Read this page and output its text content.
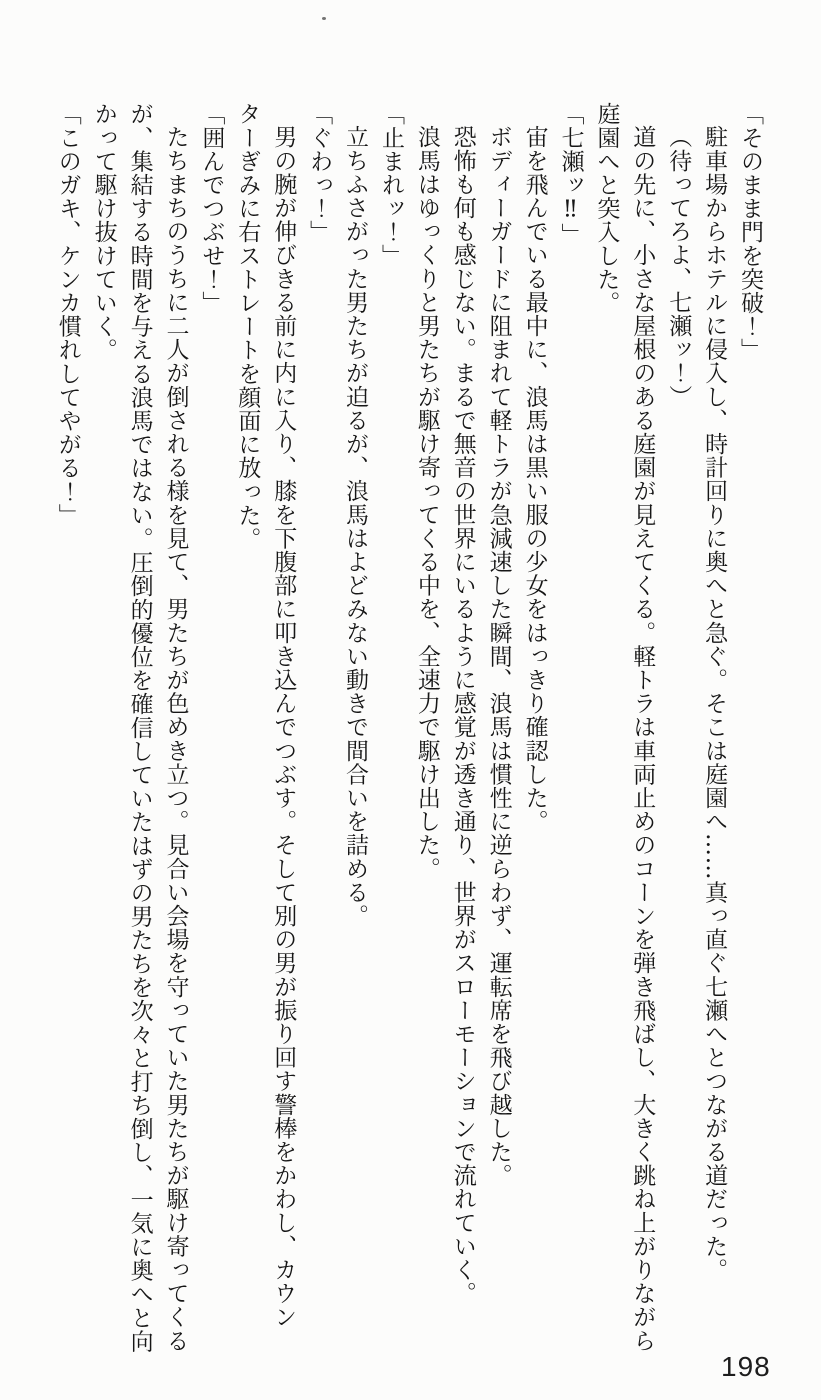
「そのまま門を突破！」

駐車場からホテルに侵入し、時計回りに奥へと急ぐ。そこは庭園へ……真っ直ぐ七瀬へとつながる道だった。

（待ってろよ、七瀬ッ！）

道の先に、小さな屋根のある庭園が見えてくる。軽トラは車両止めのコーンを弾き飛ばし、大きく跳ね上がりながら庭園へと突入した。

「七瀬ッ‼」

宙を飛んでいる最中に、浪馬は黒い服の少女をはっきり確認した。

ボディーガードに阻まれて軽トラが急減速した瞬間、浪馬は慣性に逆らわず、運転席を飛び越した。

恐怖も何も感じない。まるで無音の世界にいるように感覚が透き通り、世界がスローモーションで流れていく。

浪馬はゆっくりと男たちが駆け寄ってくる中を、全速力で駆け出した。

「止まれッ！」

立ちふさがった男たちが迫るが、浪馬はよどみない動きで間合いを詰める。

「ぐわっ！」

男の腕が伸びきる前に内に入り、膝を下腹部に叩き込んでつぶす。そして別の男が振り回す警棒をかわし、カウンターぎみに右ストレートを顔面に放った。

「囲んでつぶせ！」

たちまちのうちに二人が倒される様を見て、男たちが色めき立つ。見合い会場を守っていた男たちが駆け寄ってくるが、集結する時間を与える浪馬ではない。圧倒的優位を確信していたはずの男たちを次々と打ち倒し、一気に奥へと向かって駆け抜けていく。

「このガキ、ケンカ慣れしてやがる！」

198
